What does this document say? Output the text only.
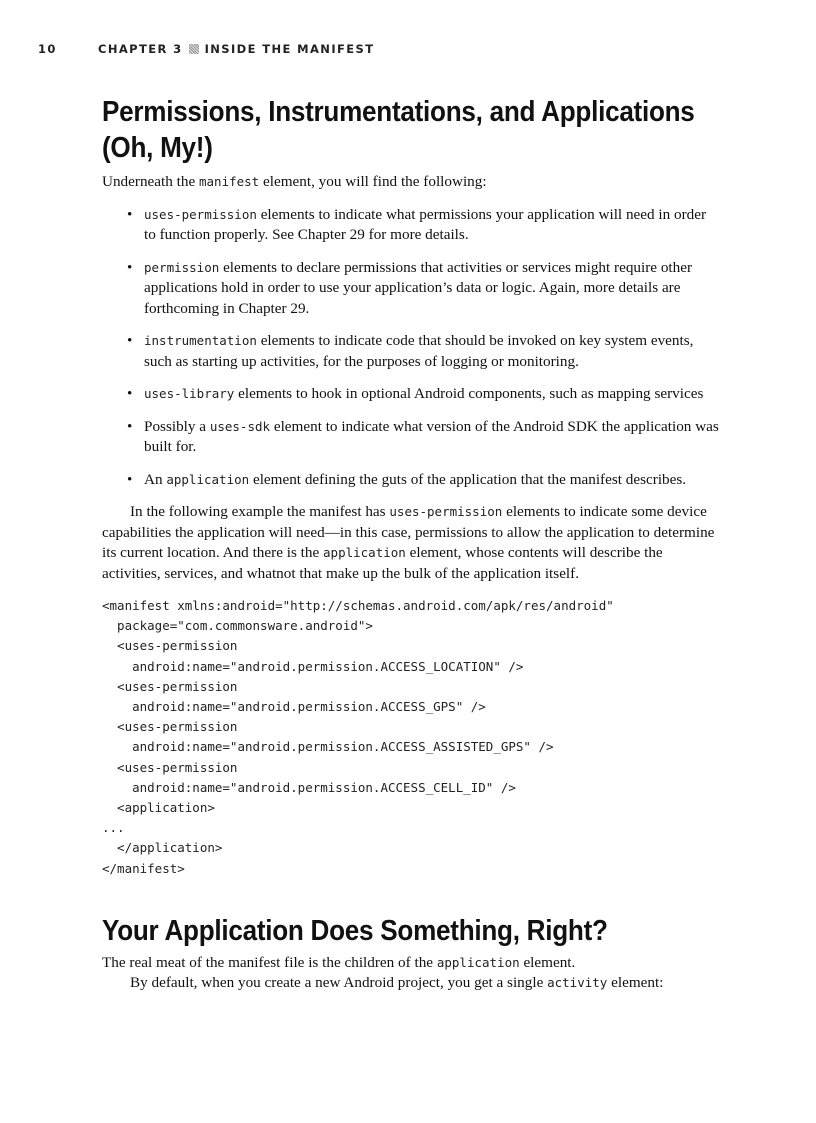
10	CHAPTER 3 INSIDE THE MANIFEST
Permissions, Instrumentations, and Applications (Oh, My!)

Underneath the manifest element, you will find the following:

• uses-permission elements to indicate what permissions your application will need in order to function properly. See Chapter 29 for more details.
• permission elements to declare permissions that activities or services might require other applications hold in order to use your application’s data or logic. Again, more details are forthcoming in Chapter 29.
• instrumentation elements to indicate code that should be invoked on key system events, such as starting up activities, for the purposes of logging or monitoring.
• uses-library elements to hook in optional Android components, such as mapping services
• Possibly a uses-sdk element to indicate what version of the Android SDK the application was built for.
• An application element defining the guts of the application that the manifest describes.

In the following example the manifest has uses-permission elements to indicate some device capabilities the application will need—in this case, permissions to allow the application to determine its current location. And there is the application element, whose contents will describe the activities, services, and whatnot that make up the bulk of the application itself.

<manifest xmlns:android="http://schemas.android.com/apk/res/android"
package="com.commonsware.android">
<uses-permission
android:name="android.permission.ACCESS_LOCATION" />
<uses-permission
android:name="android.permission.ACCESS_GPS" />
<uses-permission
android:name="android.permission.ACCESS_ASSISTED_GPS" />
<uses-permission
android:name="android.permission.ACCESS_CELL_ID" />
<application>
...
</application>
</manifest>
Your Application Does Something, Right?

The real meat of the manifest file is the children of the application element.

By default, when you create a new Android project, you get a single activity element:
